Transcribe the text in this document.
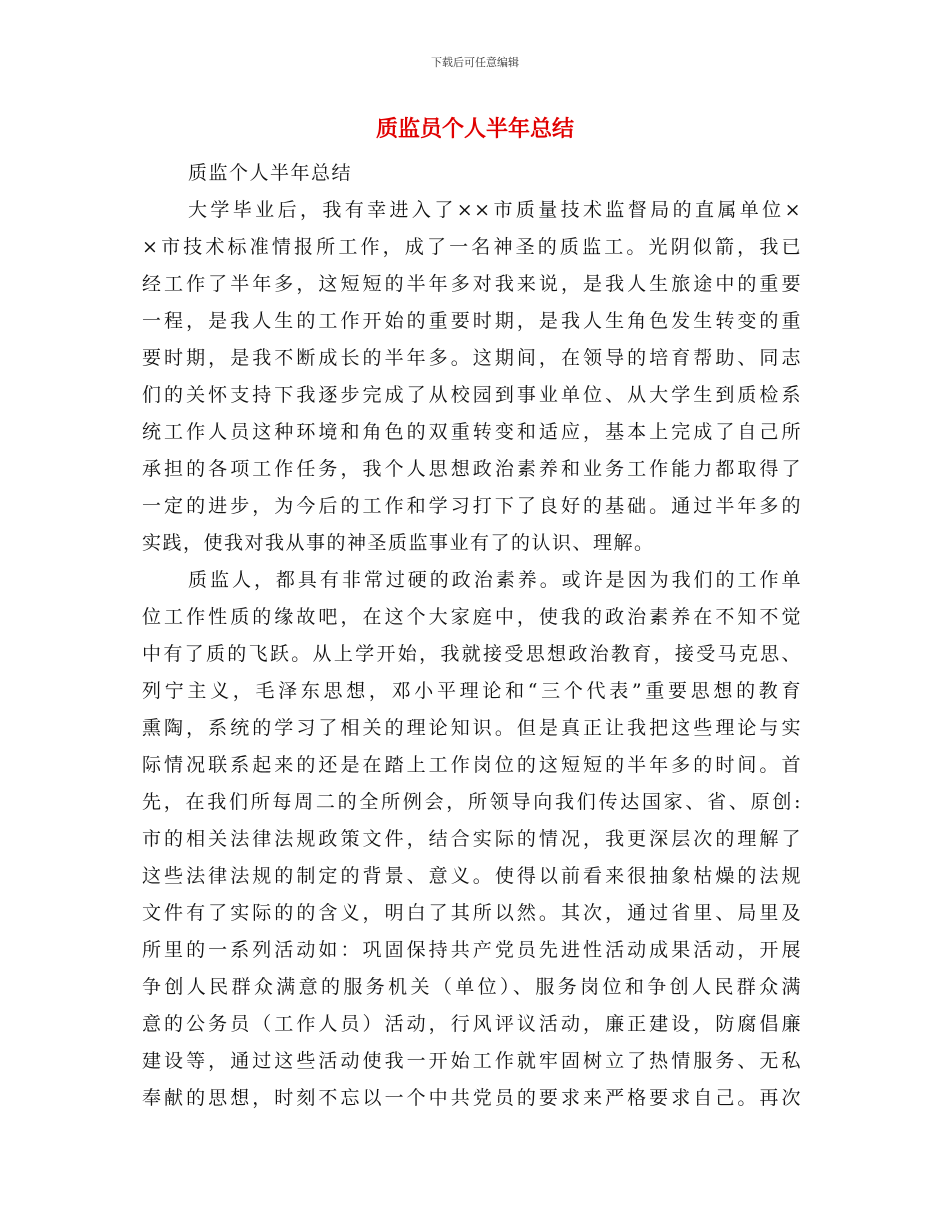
下载后可任意编辑
质监员个人半年总结
质监个人半年总结
大学毕业后，我有幸进入了××市质量技术监督局的直属单位×
×市技术标准情报所工作，成了一名神圣的质监工。光阴似箭，我已
经工作了半年多，这短短的半年多对我来说，是我人生旅途中的重要
一程，是我人生的工作开始的重要时期，是我人生角色发生转变的重
要时期，是我不断成长的半年多。这期间，在领导的培育帮助、同志
们的关怀支持下我逐步完成了从校园到事业单位、从大学生到质检系
统工作人员这种环境和角色的双重转变和适应，基本上完成了自己所
承担的各项工作任务，我个人思想政治素养和业务工作能力都取得了
一定的进步，为今后的工作和学习打下了良好的基础。通过半年多的
实践，使我对我从事的神圣质监事业有了的认识、理解。
质监人，都具有非常过硬的政治素养。或许是因为我们的工作单
位工作性质的缘故吧，在这个大家庭中，使我的政治素养在不知不觉
中有了质的飞跃。从上学开始，我就接受思想政治教育，接受马克思、
列宁主义，毛泽东思想，邓小平理论和“三个代表”重要思想的教育
熏陶，系统的学习了相关的理论知识。但是真正让我把这些理论与实
际情况联系起来的还是在踏上工作岗位的这短短的半年多的时间。首
先，在我们所每周二的全所例会，所领导向我们传达国家、省、原创:
市的相关法律法规政策文件，结合实际的情况，我更深层次的理解了
这些法律法规的制定的背景、意义。使得以前看来很抽象枯燥的法规
文件有了实际的的含义，明白了其所以然。其次，通过省里、局里及
所里的一系列活动如：巩固保持共产党员先进性活动成果活动，开展
争创人民群众满意的服务机关（单位）、服务岗位和争创人民群众满
意的公务员（工作人员）活动，行风评议活动，廉正建设，防腐倡廉
建设等，通过这些活动使我一开始工作就牢固树立了热情服务、无私
奉献的思想，时刻不忘以一个中共党员的要求来严格要求自己。再次
